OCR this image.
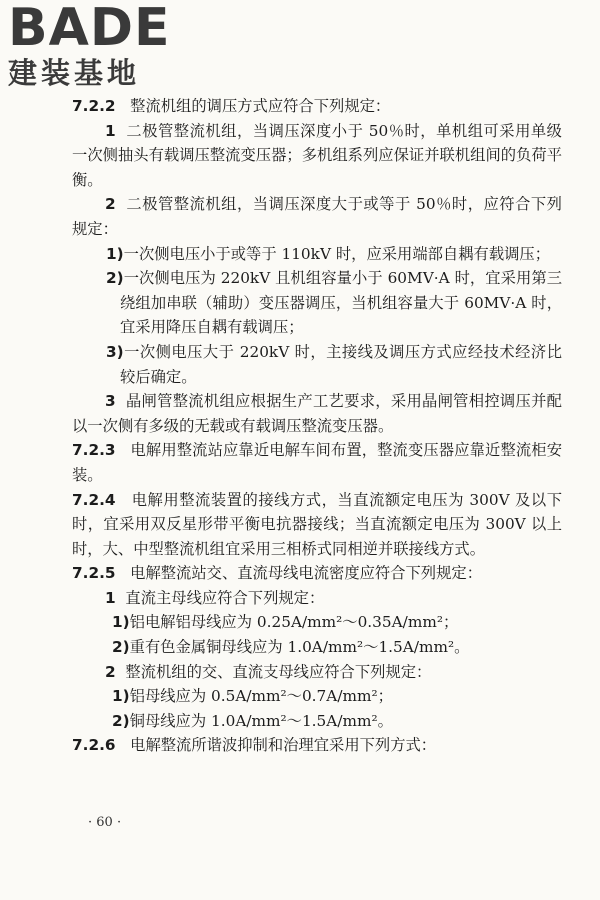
BADE
建装基地

7.2.2 整流机组的调压方式应符合下列规定：

1 二极管整流机组，当调压深度小于 50％时，单机组可采用单级一次侧抽头有载调压整流变压器；多机组系列应保证并联机组间的负荷平衡。

2 二极管整流机组，当调压深度大于或等于 50％时，应符合下列规定：

1)一次侧电压小于或等于 110kV 时，应采用端部自耦有载调压；

2)一次侧电压为 220kV 且机组容量小于 60MV·A 时，宜采用第三绕组加串联（辅助）变压器调压，当机组容量大于 60MV·A 时，宜采用降压自耦有载调压；

3)一次侧电压大于 220kV 时，主接线及调压方式应经技术经济比较后确定。

3 晶闸管整流机组应根据生产工艺要求，采用晶闸管相控调压并配以一次侧有多级的无载或有载调压整流变压器。

7.2.3 电解用整流站应靠近电解车间布置，整流变压器应靠近整流柜安装。

7.2.4 电解用整流装置的接线方式，当直流额定电压为 300V 及以下时，宜采用双反星形带平衡电抗器接线；当直流额定电压为 300V 以上时，大、中型整流机组宜采用三相桥式同相逆并联接线方式。

7.2.5 电解整流站交、直流母线电流密度应符合下列规定：

1 直流主母线应符合下列规定：

1)铝电解铝母线应为 0.25A/mm²～0.35A/mm²；

2)重有色金属铜母线应为 1.0A/mm²～1.5A/mm²。

2 整流机组的交、直流支母线应符合下列规定：

1)铝母线应为 0.5A/mm²～0.7A/mm²；

2)铜母线应为 1.0A/mm²～1.5A/mm²。

7.2.6 电解整流所谐波抑制和治理宜采用下列方式：

· 60 ·
